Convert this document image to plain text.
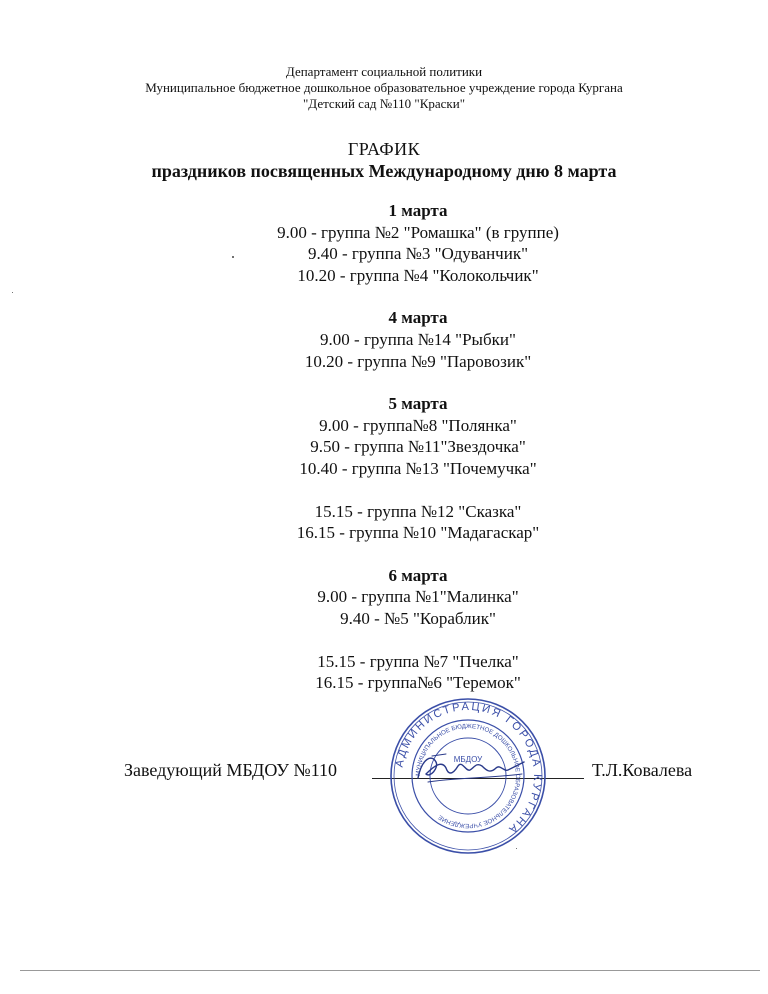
Департамент социальной политики
Муниципальное бюджетное дошкольное образовательное учреждение города Кургана
"Детский сад №110 "Краски"
ГРАФИК
праздников посвященных Международному дню 8 марта
1 марта
9.00 - группа №2 "Ромашка" (в группе)
9.40 - группа №3 "Одуванчик"
10.20 - группа №4 "Колокольчик"
4 марта
9.00 - группа №14 "Рыбки"
10.20 - группа №9 "Паровозик"
5 марта
9.00 - группа№8 "Полянка"
9.50 - группа №11"Звездочка"
10.40 - группа №13 "Почемучка"
15.15 - группа №12 "Сказка"
16.15 - группа №10 "Мадагаскар"
6 марта
9.00 - группа №1"Малинка"
9.40 - №5 "Кораблик"
15.15 - группа №7 "Пчелка"
16.15 - группа№6 "Теремок"
Заведующий МБДОУ №110	Т.Л.Ковалева
АДМИНИСТРАЦИЯ ГОРОДА КУРГАНА
МУНИЦИПАЛЬНОЕ БЮДЖЕТНОЕ ДОШКОЛЬНОЕ ОБРАЗОВАТЕЛЬНОЕ УЧРЕЖДЕНИЕ
МБДОУ
